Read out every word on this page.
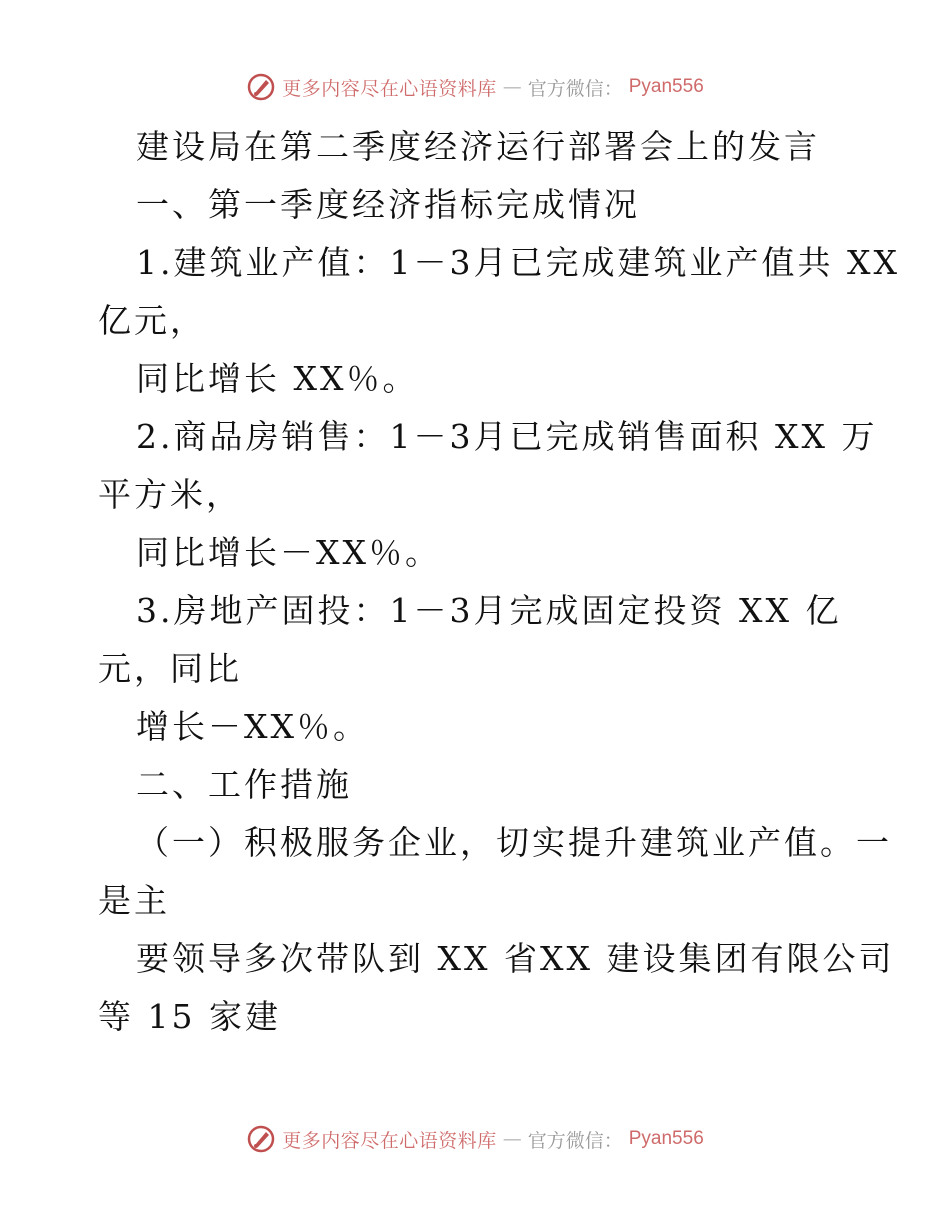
更多内容尽在心语资料库 — 官方微信： Pyan556
建设局在第二季度经济运行部署会上的发言
一、第一季度经济指标完成情况
1.建筑业产值：1－3月已完成建筑业产值共 XX
亿元，
同比增长 XX％。
2.商品房销售：1－3月已完成销售面积 XX 万
平方米，
同比增长－XX％。
3.房地产固投：1－3月完成固定投资 XX 亿
元，同比
增长－XX％。
二、工作措施
（一）积极服务企业，切实提升建筑业产值。一
是主
要领导多次带队到 XX 省XX 建设集团有限公司
等 15 家建
更多内容尽在心语资料库 — 官方微信： Pyan556
